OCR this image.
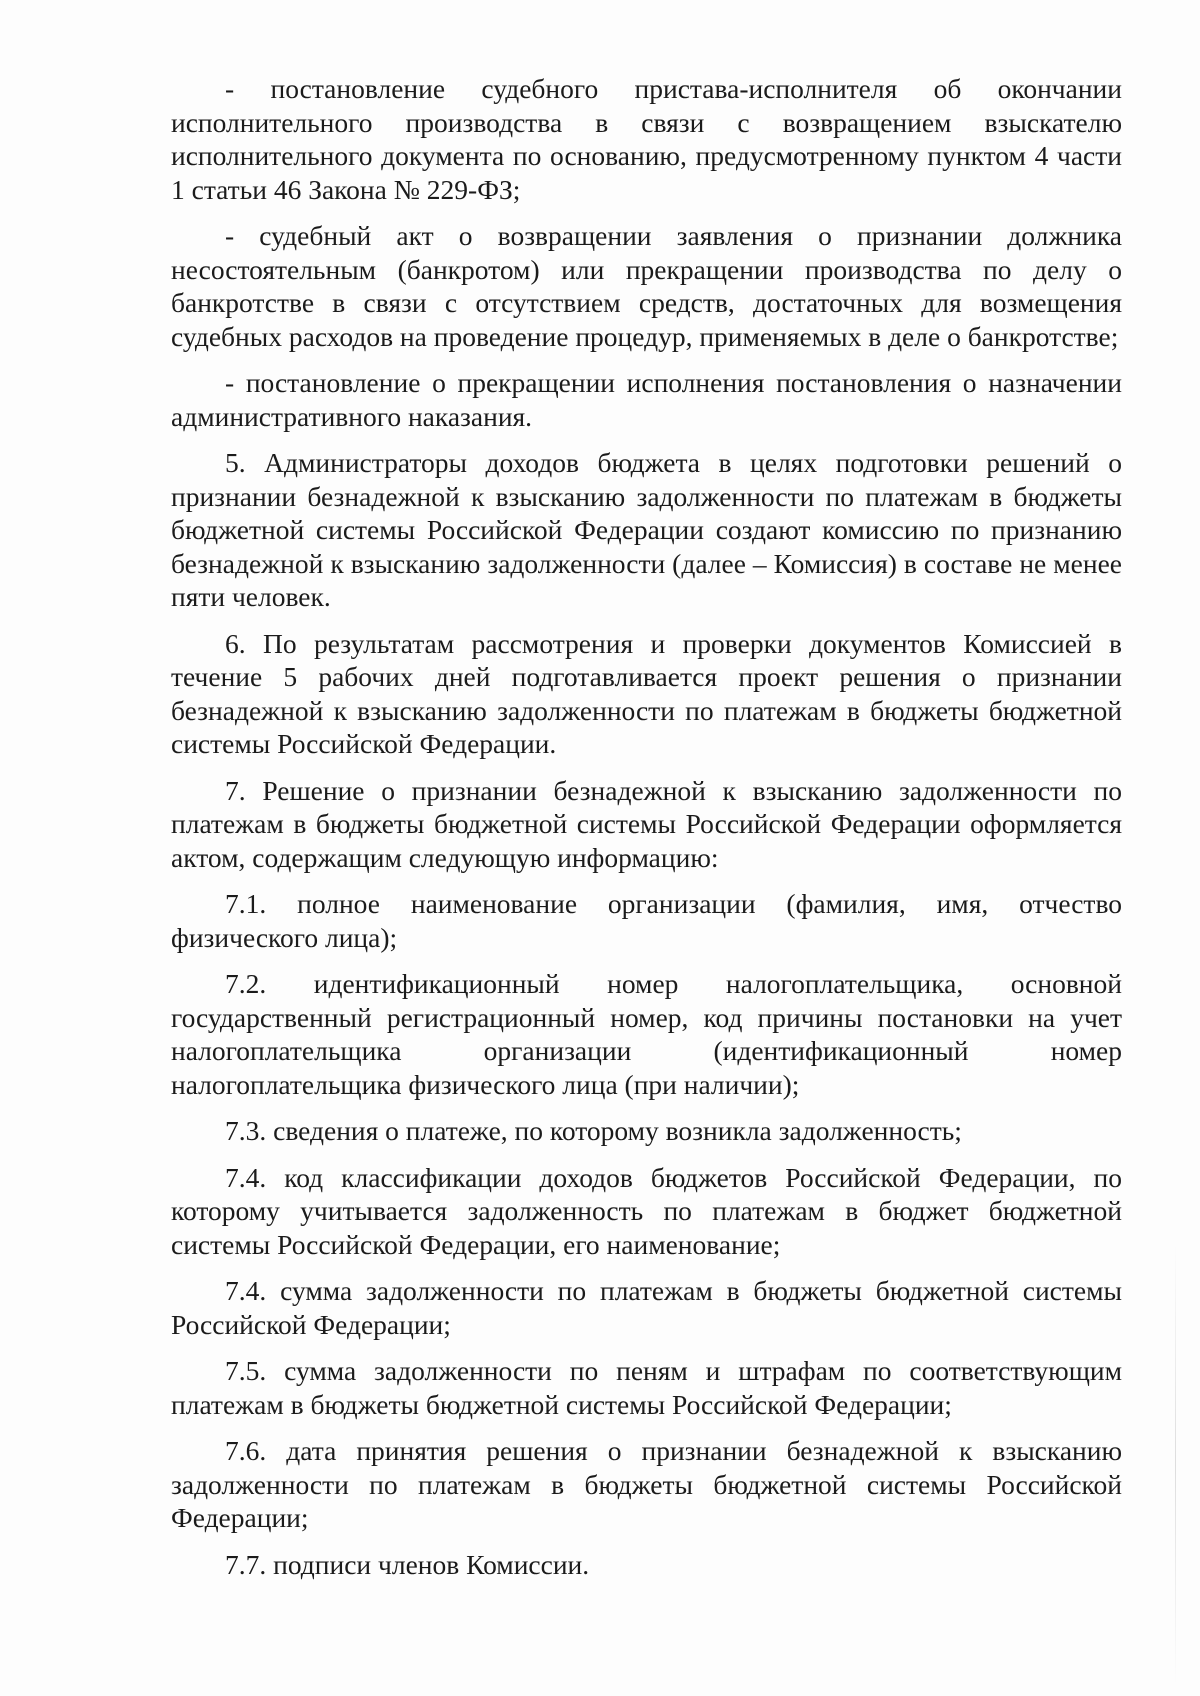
- постановление судебного пристава-исполнителя об окончании исполнительного производства в связи с возвращением взыскателю исполнительного документа по основанию, предусмотренному пунктом 4 части 1 статьи 46 Закона № 229-ФЗ;

- судебный акт о возвращении заявления о признании должника несостоятельным (банкротом) или прекращении производства по делу о банкротстве в связи с отсутствием средств, достаточных для возмещения судебных расходов на проведение процедур, применяемых в деле о банкротстве;

- постановление о прекращении исполнения постановления о назначении административного наказания.

5. Администраторы доходов бюджета в целях подготовки решений о признании безнадежной к взысканию задолженности по платежам в бюджеты бюджетной системы Российской Федерации создают комиссию по признанию безнадежной к взысканию задолженности (далее – Комиссия) в составе не менее пяти человек.

6. По результатам рассмотрения и проверки документов Комиссией в течение 5 рабочих дней подготавливается проект решения о признании безнадежной к взысканию задолженности по платежам в бюджеты бюджетной системы Российской Федерации.

7. Решение о признании безнадежной к взысканию задолженности по платежам в бюджеты бюджетной системы Российской Федерации оформляется актом, содержащим следующую информацию:

7.1. полное наименование организации (фамилия, имя, отчество физического лица);

7.2. идентификационный номер налогоплательщика, основной государственный регистрационный номер, код причины постановки на учет налогоплательщика организации (идентификационный номер налогоплательщика физического лица (при наличии);

7.3. сведения о платеже, по которому возникла задолженность;

7.4. код классификации доходов бюджетов Российской Федерации, по которому учитывается задолженность по платежам в бюджет бюджетной системы Российской Федерации, его наименование;

7.4. сумма задолженности по платежам в бюджеты бюджетной системы Российской Федерации;

7.5. сумма задолженности по пеням и штрафам по соответствующим платежам в бюджеты бюджетной системы Российской Федерации;

7.6. дата принятия решения о признании безнадежной к взысканию задолженности по платежам в бюджеты бюджетной системы Российской Федерации;

7.7. подписи членов Комиссии.
